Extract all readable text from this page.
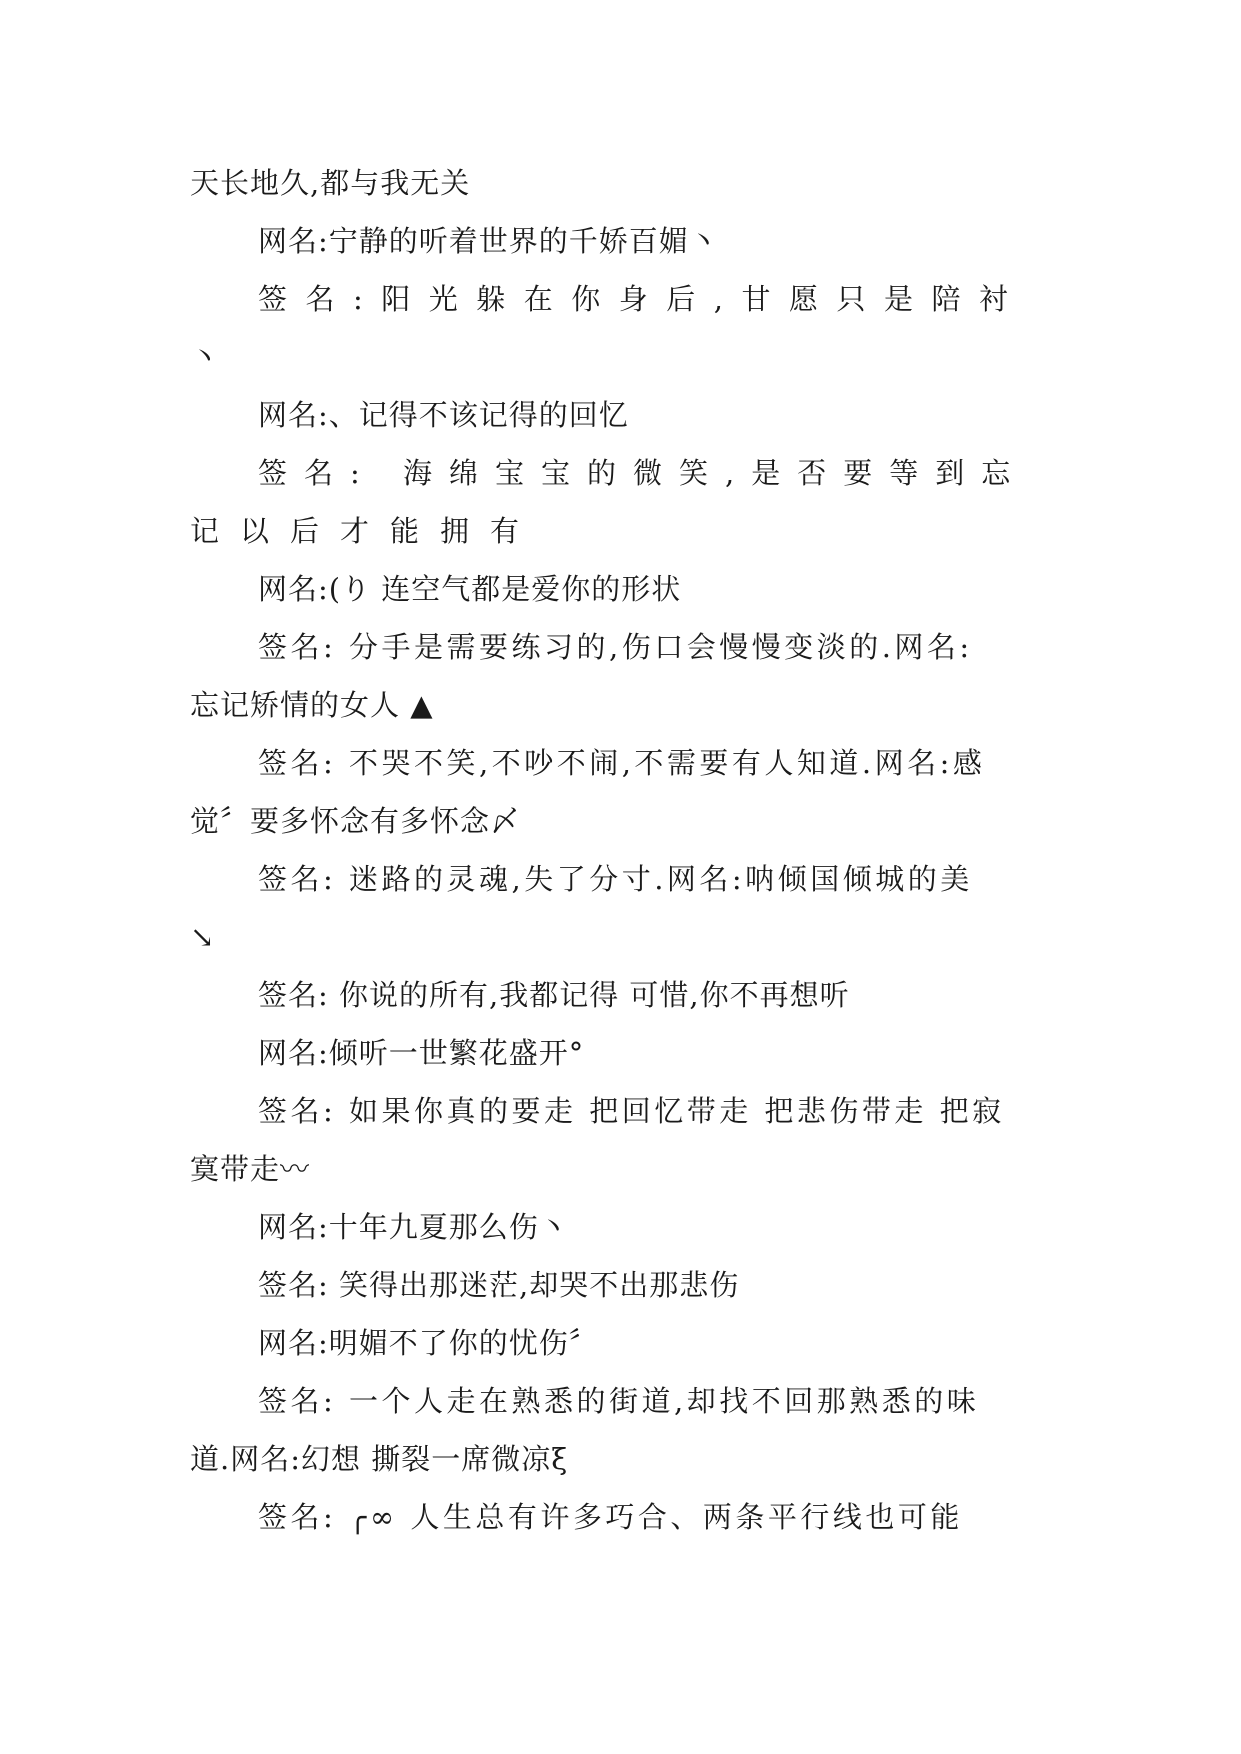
天长地久,都与我无关
网名:宁静的听着世界的千娇百媚丶
签名:阳光躲在你身后,甘愿只是陪衬
丶
网名:、记得不该记得的回忆
签名: 海绵宝宝的微笑,是否要等到忘
记以后才能拥有
网名:(り 连空气都是爱你的形状
签名: 分手是需要练习的,伤口会慢慢变淡的.网名:
忘记矫情的女人 ▲
签名: 不哭不笑,不吵不闹,不需要有人知道.网名:感
觉〞要多怀念有多怀念〆
签名: 迷路的灵魂,失了分寸.网名:呐倾国倾城的美
↘
签名: 你说的所有,我都记得 可惜,你不再想听
网名:倾听一世繁花盛开°
签名: 如果你真的要走 把回忆带走 把悲伤带走 把寂
寞带走〰
网名:十年九夏那么伤丶
签名: 笑得出那迷茫,却哭不出那悲伤
网名:明媚不了你的忧伤〞
签名: 一个人走在熟悉的街道,却找不回那熟悉的味
道.网名:幻想 撕裂一席微凉ξ
签名: ╭∞ 人生总有许多巧合、两条平行线也可能
